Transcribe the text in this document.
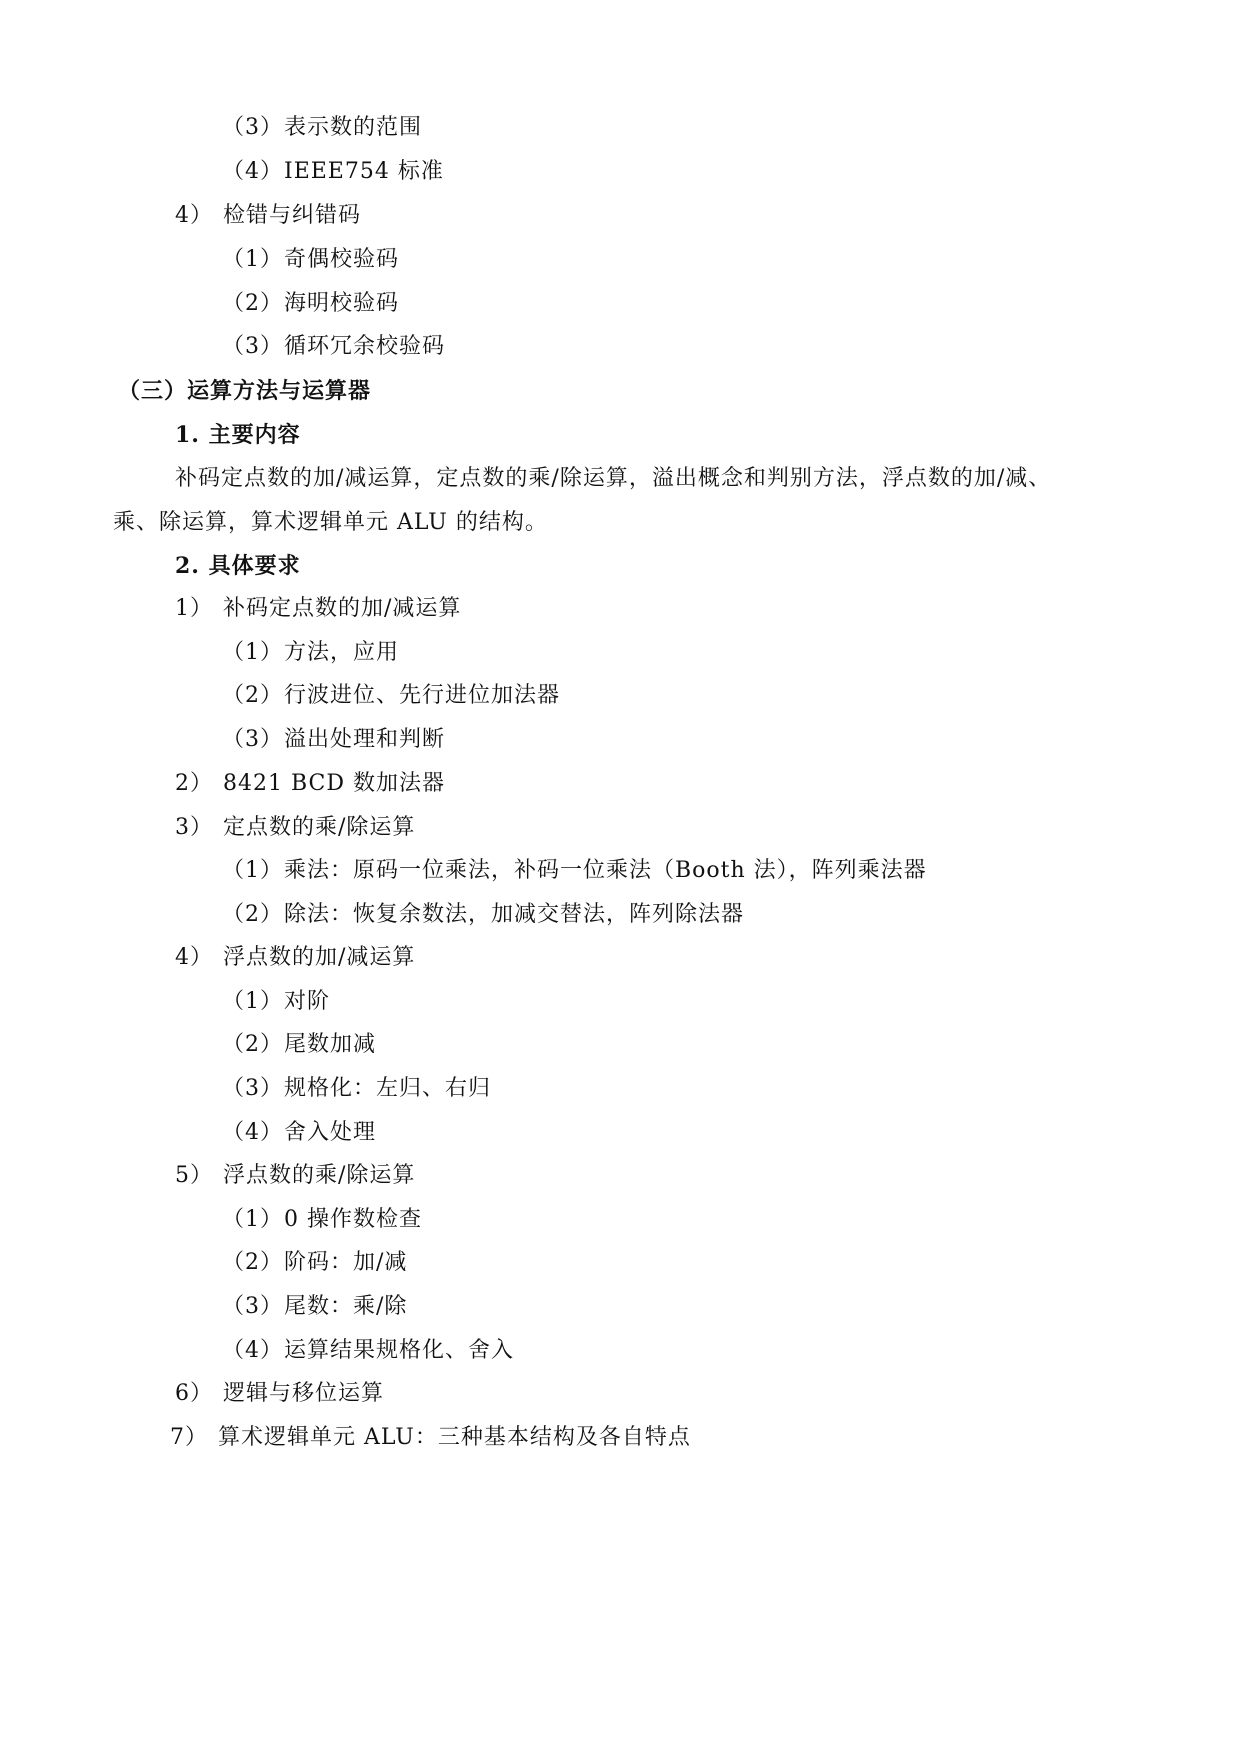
（3）表示数的范围
（4）IEEE754 标准
4） 检错与纠错码
（1）奇偶校验码
（2）海明校验码
（3）循环冗余校验码
（三）运算方法与运算器
1. 主要内容
补码定点数的加/减运算，定点数的乘/除运算，溢出概念和判别方法，浮点数的加/减、
乘、除运算，算术逻辑单元 ALU 的结构。
2. 具体要求
1） 补码定点数的加/减运算
（1）方法，应用
（2）行波进位、先行进位加法器
（3）溢出处理和判断
2） 8421 BCD 数加法器
3） 定点数的乘/除运算
（1）乘法：原码一位乘法，补码一位乘法（Booth 法），阵列乘法器
（2）除法：恢复余数法，加减交替法，阵列除法器
4） 浮点数的加/减运算
（1）对阶
（2）尾数加减
（3）规格化：左归、右归
（4）舍入处理
5） 浮点数的乘/除运算
（1）0 操作数检查
（2）阶码：加/减
（3）尾数：乘/除
（4）运算结果规格化、舍入
6） 逻辑与移位运算
7） 算术逻辑单元 ALU：三种基本结构及各自特点
